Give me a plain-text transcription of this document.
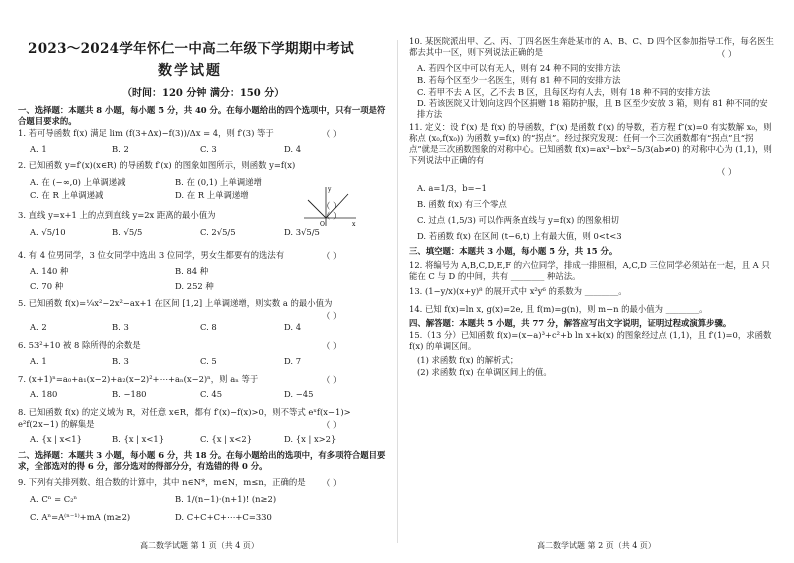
2023～2024学年怀仁一中高二年级下学期期中考试
数学试题
（时间：120 分钟 满分：150 分）
一、选择题：本题共 8 小题，每小题 5 分，共 40 分。在每小题给出的四个选项中，只有一项是符合题目要求的。
1. 若可导函数 f(x) 满足 lim (f(3+Δx)−f(3))/Δx = 4，则 f′(3) 等于	（ ）
A. 1	B. 2	C. 3	D. 4
2. 已知函数 y=f′(x)(x∈R) 的导函数 f′(x) 的图象如图所示，则函数 y=f(x)
（ ）
A. 在 (−∞,0) 上单调递减	B. 在 (0,1) 上单调递增
C. 在 R 上单调递减	D. 在 R 上单调递增
y
x
O
3. 直线 y=x+1 上的点到直线 y=2x 距离的最小值为	（ ）
A. √5/10	B. √5/5	C. 2√5/5	D. 3√5/5
4. 有 4 位男同学，3 位女同学中选出 3 位同学，男女生都要有的选法有	（ ）
A. 140 种	B. 84 种
C. 70 种	D. 252 种
5. 已知函数 f(x)=¼x²−2x²−ax+1 在区间 [1,2] 上单调递增，则实数 a 的最小值为
（ ）
A. 2	B. 3	C. 8	D. 4
6. 53²+10 被 8 除所得的余数是	（ ）
A. 1	B. 3	C. 5	D. 7
7. (x+1)ⁿ=a₀+a₁(x−2)+a₂(x−2)²+⋯+aₙ(x−2)ⁿ，则 aₙ 等于	（ ）
A. 180	B. −180	C. 45	D. −45
8. 已知函数 f(x) 的定义域为 R，对任意 x∈R，都有 f′(x)−f(x)>0，则不等式 eˣf(x−1)>
e²f(2x−1) 的解集是	（ ）
A. {x | x<1}	B. {x | x<1}	C. {x | x<2}	D. {x | x>2}
二、选择题：本题共 3 小题，每小题 6 分，共 18 分。在每小题给出的选项中，有多项符合题目要求，全部选对的得 6 分，部分选对的得部分分，有选错的得 0 分。
9. 下列有关排列数、组合数的计算中，其中 n∈N*，m∈N，m≤n，正确的是 （ ）
A. Cⁿ = C₂ⁿ	B. 1/(n−1)·(n+1)! (n≥2)
C. Aⁿ=A⁽ⁿ⁻¹⁾+mA (m≥2)	D. C+C+C+⋯+C=330
高二数学试题 第 1 页（共 4 页）
10. 某医院派出甲、乙、丙、丁四名医生奔赴某市的 A、B、C、D 四个区参加指导工作，每名医生都去其中一区，则下列说法正确的是	（ ）
A. 若四个区中可以有无人，则有 24 种不同的安排方法
B. 若每个区至少一名医生，则有 81 种不同的安排方法
C. 若甲不去 A 区，乙不去 B 区，且每区均有人去，则有 18 种不同的安排方法
D. 若该医院又计划向这四个区捐赠 18 箱防护服，且 B 区至少安放 3 箱，则有 81 种不同的安排方法
11. 定义：设 f′(x) 是 f(x) 的导函数，f″(x) 是函数 f′(x) 的导数，若方程 f″(x)=0 有实数解 x₀，则称点 (x₀,f(x₀)) 为函数 y=f(x) 的“拐点”。经过探究发现：任何一个三次函数都有“拐点”且“拐点”就是三次函数图象的对称中心。已知函数 f(x)=ax³−bx²−5/3(ab≠0) 的对称中心为 (1,1)，则下列说法中正确的有
（ ）
A. a=1/3，b=−1
B. 函数 f(x) 有三个零点
C. 过点 (1,5/3) 可以作两条直线与 y=f(x) 的图象相切
D. 若函数 f(x) 在区间 (t−6,t) 上有最大值，则 0<t<3
三、填空题：本题共 3 小题，每小题 5 分，共 15 分。
12. 将编号为 A,B,C,D,E,F 的六位同学，排成一排照相，A,C,D 三位同学必须站在一起，且 A 只能在 C 与 D 的中间，共有 ________ 种站法。
13. (1−y/x)(x+y)⁸ 的展开式中 x²y⁶ 的系数为 ________。
14. 已知 f(x)=ln x, g(x)=2e, 且 f(m)=g(n)，则 m−n 的最小值为 ________。
四、解答题：本题共 5 小题，共 77 分，解答应写出文字说明，证明过程或演算步骤。
15.（13 分）已知函数 f(x)=(x−a)³+c²+b ln x+k(x) 的图象经过点 (1,1)，且 f′(1)=0，求函数 f(x) 的单调区间。
(1) 求函数 f(x) 的解析式；
(2) 求函数 f(x) 在单调区间上的值。
高二数学试题 第 2 页（共 4 页）
